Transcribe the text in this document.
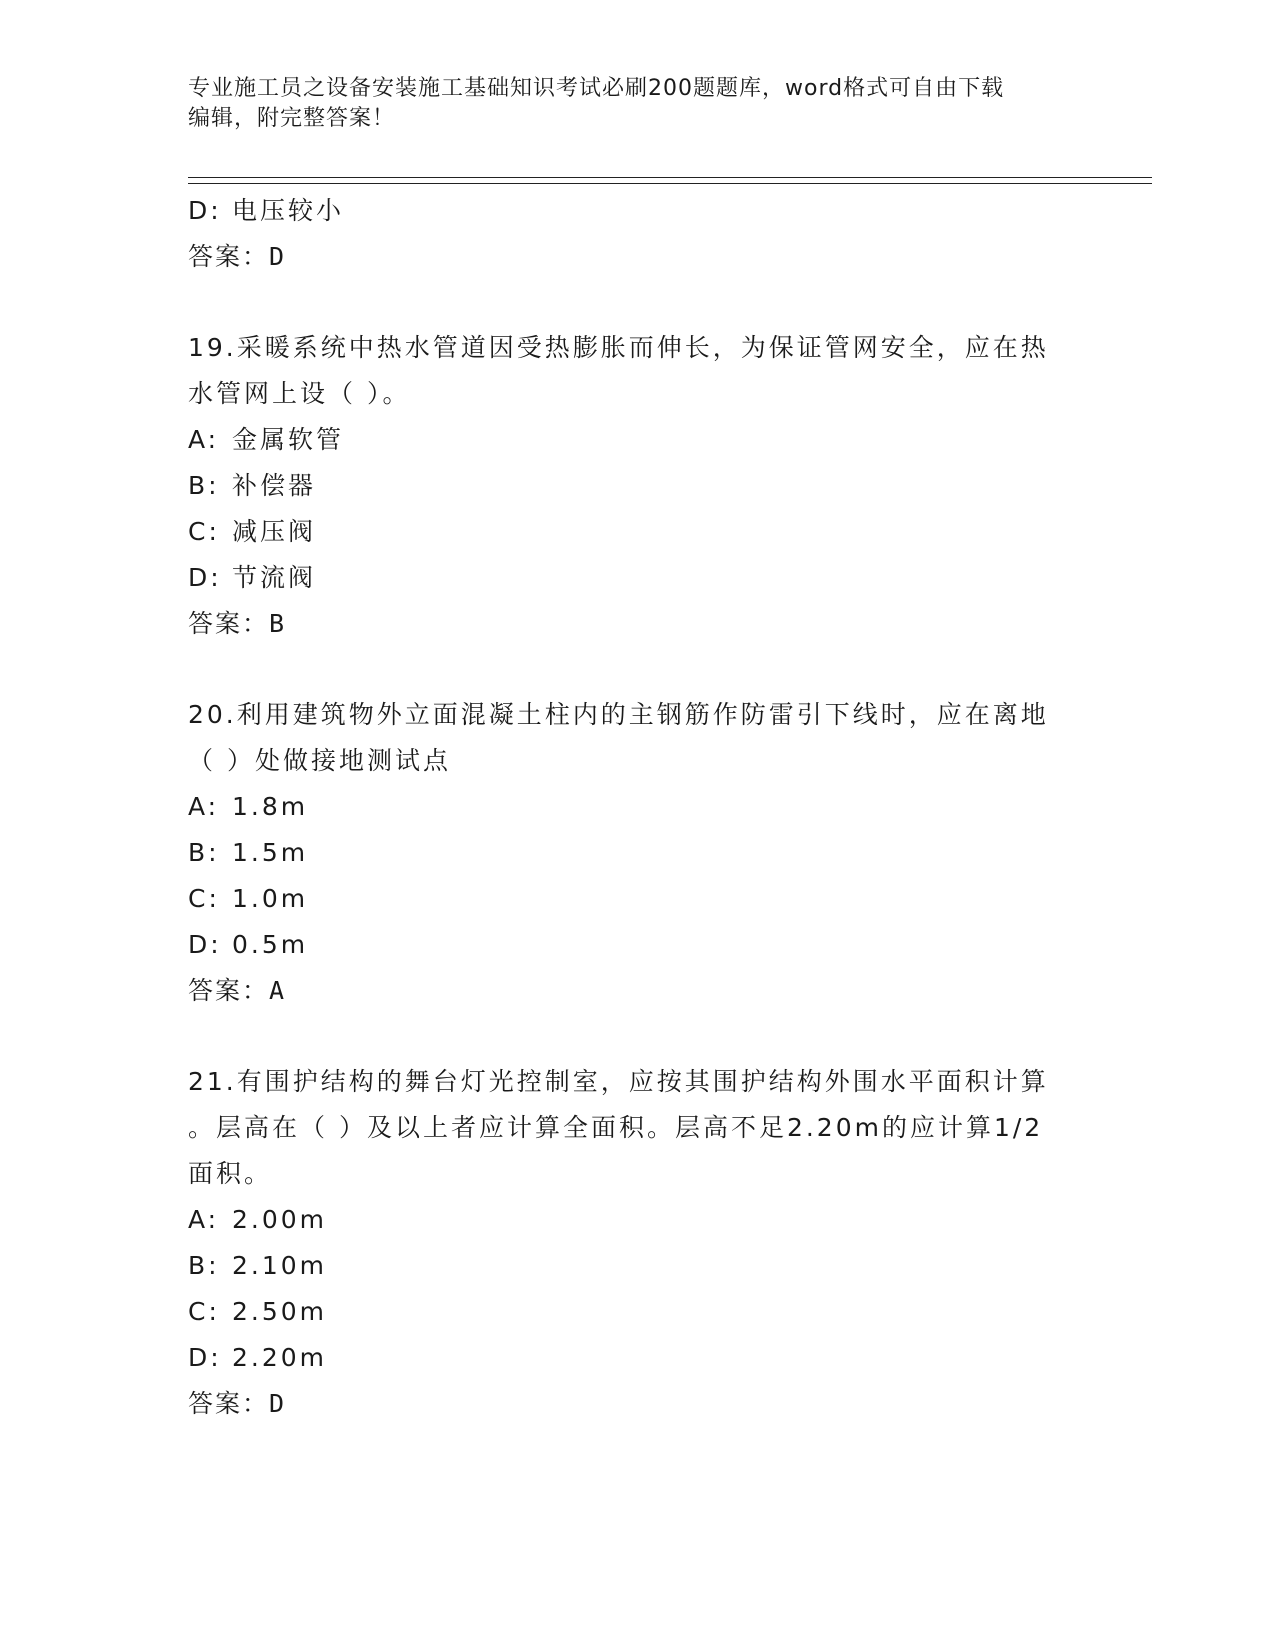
专业施工员之设备安装施工基础知识考试必刷200题题库，word格式可自由下载
编辑，附完整答案！
D: 电压较小
答案：D
19.采暖系统中热水管道因受热膨胀而伸长，为保证管网安全，应在热
水管网上设（ ）。
A: 金属软管
B: 补偿器
C: 减压阀
D: 节流阀
答案：B
20.利用建筑物外立面混凝土柱内的主钢筋作防雷引下线时，应在离地
（ ）处做接地测试点
A: 1.8m
B: 1.5m
C: 1.0m
D: 0.5m
答案：A
21.有围护结构的舞台灯光控制室，应按其围护结构外围水平面积计算
。层高在（ ）及以上者应计算全面积。层高不足2.20m的应计算1/2
面积。
A: 2.00m
B: 2.10m
C: 2.50m
D: 2.20m
答案：D
